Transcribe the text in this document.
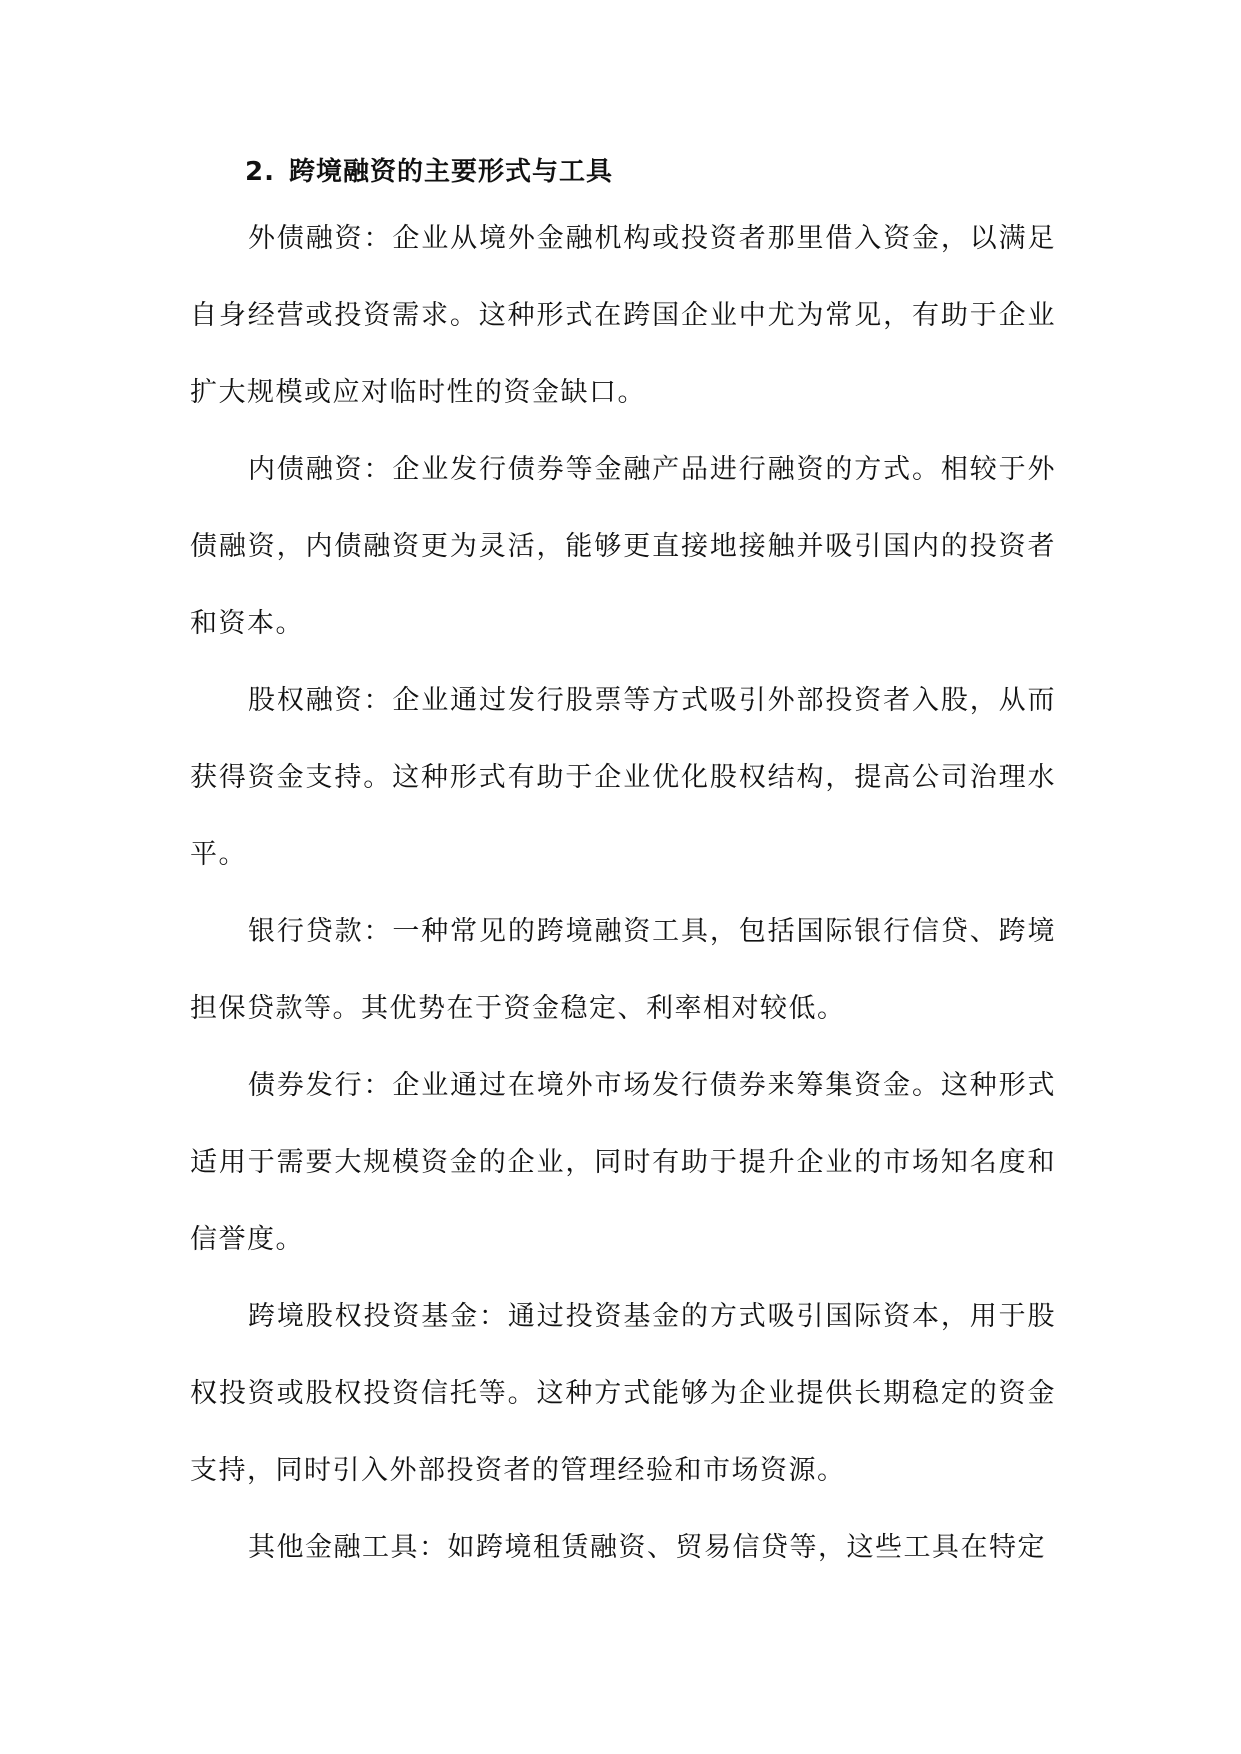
2. 跨境融资的主要形式与工具

外债融资：企业从境外金融机构或投资者那里借入资金，以满足自身经营或投资需求。这种形式在跨国企业中尤为常见，有助于企业扩大规模或应对临时性的资金缺口。

内债融资：企业发行债券等金融产品进行融资的方式。相较于外债融资，内债融资更为灵活，能够更直接地接触并吸引国内的投资者和资本。

股权融资：企业通过发行股票等方式吸引外部投资者入股，从而获得资金支持。这种形式有助于企业优化股权结构，提高公司治理水平。

银行贷款：一种常见的跨境融资工具，包括国际银行信贷、跨境担保贷款等。其优势在于资金稳定、利率相对较低。

债券发行：企业通过在境外市场发行债券来筹集资金。这种形式适用于需要大规模资金的企业，同时有助于提升企业的市场知名度和信誉度。

跨境股权投资基金：通过投资基金的方式吸引国际资本，用于股权投资或股权投资信托等。这种方式能够为企业提供长期稳定的资金支持，同时引入外部投资者的管理经验和市场资源。

其他金融工具：如跨境租赁融资、贸易信贷等，这些工具在特定
